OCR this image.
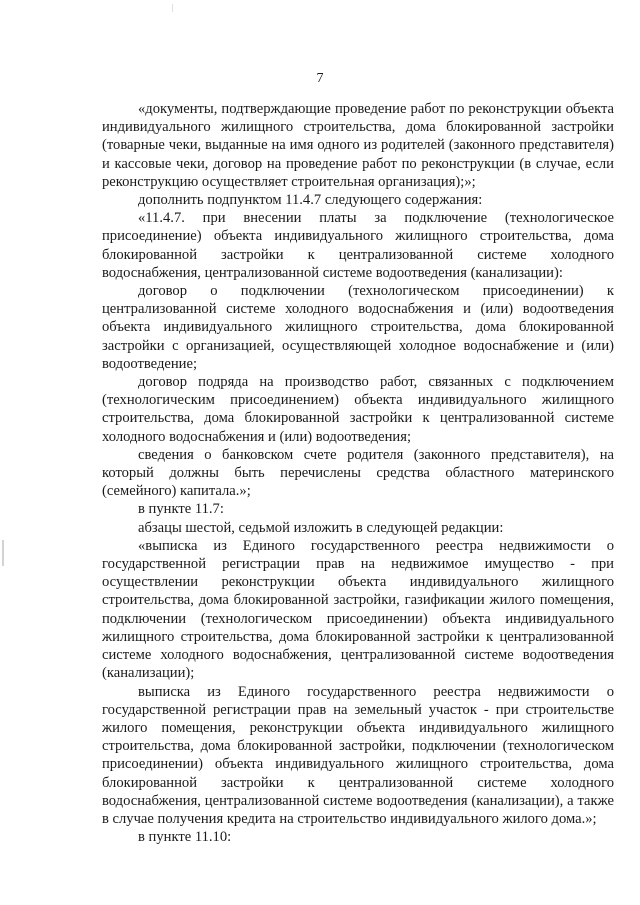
7

«документы, подтверждающие проведение работ по реконструкции объекта индивидуального жилищного строительства, дома блокированной застройки (товарные чеки, выданные на имя одного из родителей (законного представителя) и кассовые чеки, договор на проведение работ по реконструкции (в случае, если реконструкцию осуществляет строительная организация);»;

дополнить подпунктом 11.4.7 следующего содержания:

«11.4.7. при внесении платы за подключение (технологическое присоединение) объекта индивидуального жилищного строительства, дома блокированной застройки к централизованной системе холодного водоснабжения, централизованной системе водоотведения (канализации):

договор о подключении (технологическом присоединении) к централизованной системе холодного водоснабжения и (или) водоотведения объекта индивидуального жилищного строительства, дома блокированной застройки с организацией, осуществляющей холодное водоснабжение и (или) водоотведение;

договор подряда на производство работ, связанных с подключением (технологическим присоединением) объекта индивидуального жилищного строительства, дома блокированной застройки к централизованной системе холодного водоснабжения и (или) водоотведения;

сведения о банковском счете родителя (законного представителя), на который должны быть перечислены средства областного материнского (семейного) капитала.»;

в пункте 11.7:

абзацы шестой, седьмой изложить в следующей редакции:

«выписка из Единого государственного реестра недвижимости о государственной регистрации прав на недвижимое имущество - при осуществлении реконструкции объекта индивидуального жилищного строительства, дома блокированной застройки, газификации жилого помещения, подключении (технологическом присоединении) объекта индивидуального жилищного строительства, дома блокированной застройки к централизованной системе холодного водоснабжения, централизованной системе водоотведения (канализации);

выписка из Единого государственного реестра недвижимости о государственной регистрации прав на земельный участок - при строительстве жилого помещения, реконструкции объекта индивидуального жилищного строительства, дома блокированной застройки, подключении (технологическом присоединении) объекта индивидуального жилищного строительства, дома блокированной застройки к централизованной системе холодного водоснабжения, централизованной системе водоотведения (канализации), а также в случае получения кредита на строительство индивидуального жилого дома.»;

в пункте 11.10:
